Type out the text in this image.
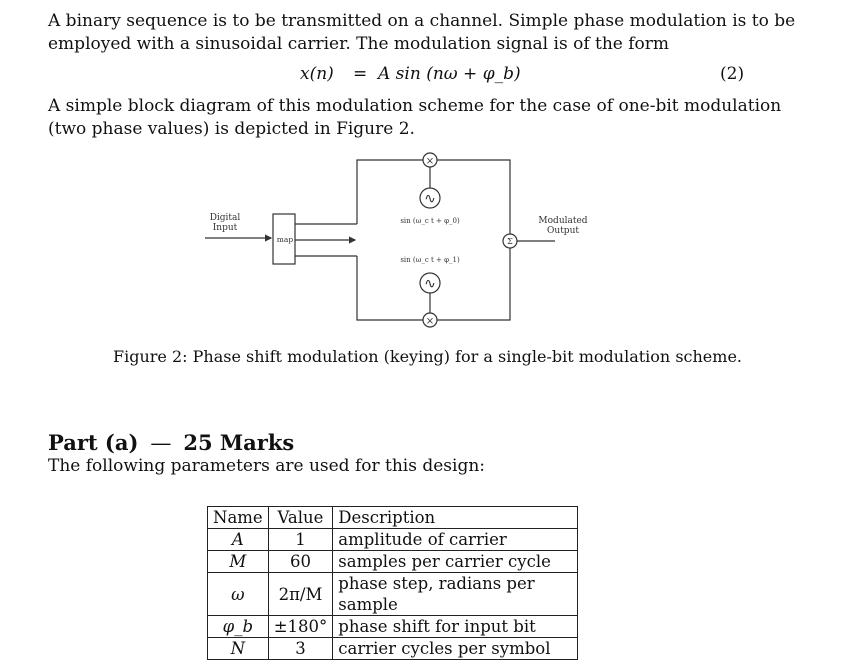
A binary sequence is to be transmitted on a channel. Simple phase modulation is to be employed with a sinusoidal carrier. The modulation signal is of the form

x(n) = A sin (nω + φ_b)	(2)

A simple block diagram of this modulation scheme for the case of one-bit modulation (two phase values) is depicted in Figure 2.

Digital
Input
map
sin (ω_c t + φ_0)
sin (ω_c t + φ_1)
×
×
∿
∿
Σ
Modulated
Output
Figure 2: Phase shift modulation (keying) for a single-bit modulation scheme.
Part (a) — 25 Marks
The following parameters are used for this design:
Name	Value	Description
A	1	amplitude of carrier
M	60	samples per carrier cycle
ω	2π/M	phase step, radians per sample
φ_b	±180°	phase shift for input bit
N	3	carrier cycles per symbol
